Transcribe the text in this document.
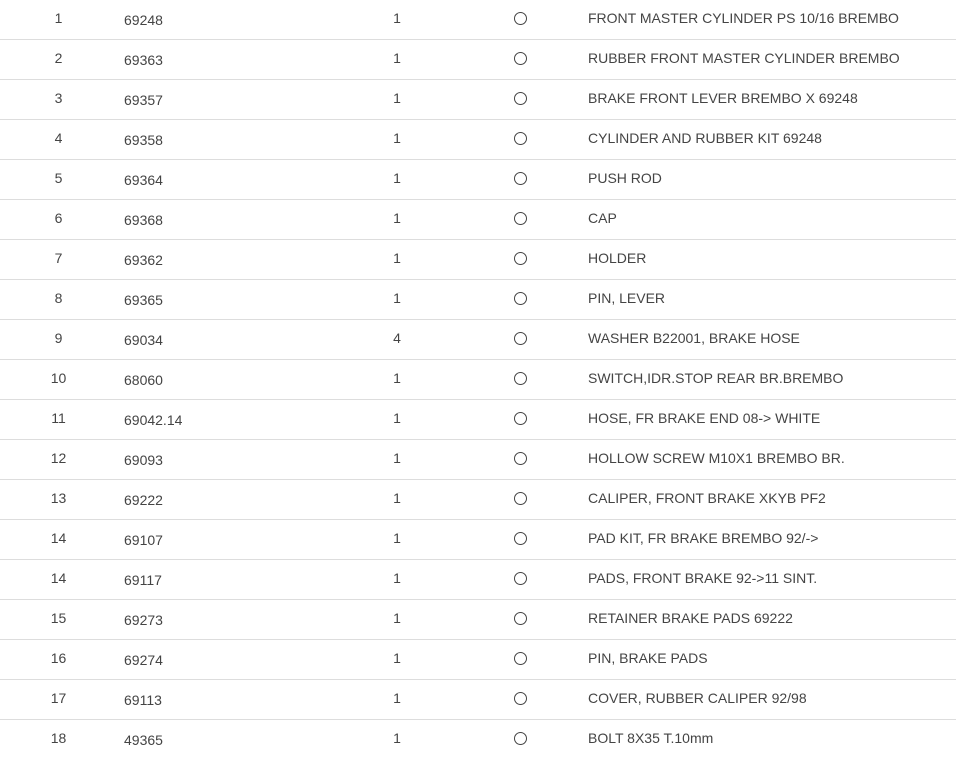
1	69248	1	FRONT MASTER CYLINDER PS 10/16 BREMBO
2	69363	1	RUBBER FRONT MASTER CYLINDER BREMBO
3	69357	1	BRAKE FRONT LEVER BREMBO X 69248
4	69358	1	CYLINDER AND RUBBER KIT 69248
5	69364	1	PUSH ROD
6	69368	1	CAP
7	69362	1	HOLDER
8	69365	1	PIN, LEVER
9	69034	4	WASHER B22001, BRAKE HOSE
10	68060	1	SWITCH,IDR.STOP REAR BR.BREMBO
11	69042.14	1	HOSE, FR BRAKE END 08-> WHITE
12	69093	1	HOLLOW SCREW M10X1 BREMBO BR.
13	69222	1	CALIPER, FRONT BRAKE XKYB PF2
14	69107	1	PAD KIT, FR BRAKE BREMBO 92/->
14	69117	1	PADS, FRONT BRAKE 92->11 SINT.
15	69273	1	RETAINER BRAKE PADS 69222
16	69274	1	PIN, BRAKE PADS
17	69113	1	COVER, RUBBER CALIPER 92/98
18	49365	1	BOLT 8X35 T.10mm
